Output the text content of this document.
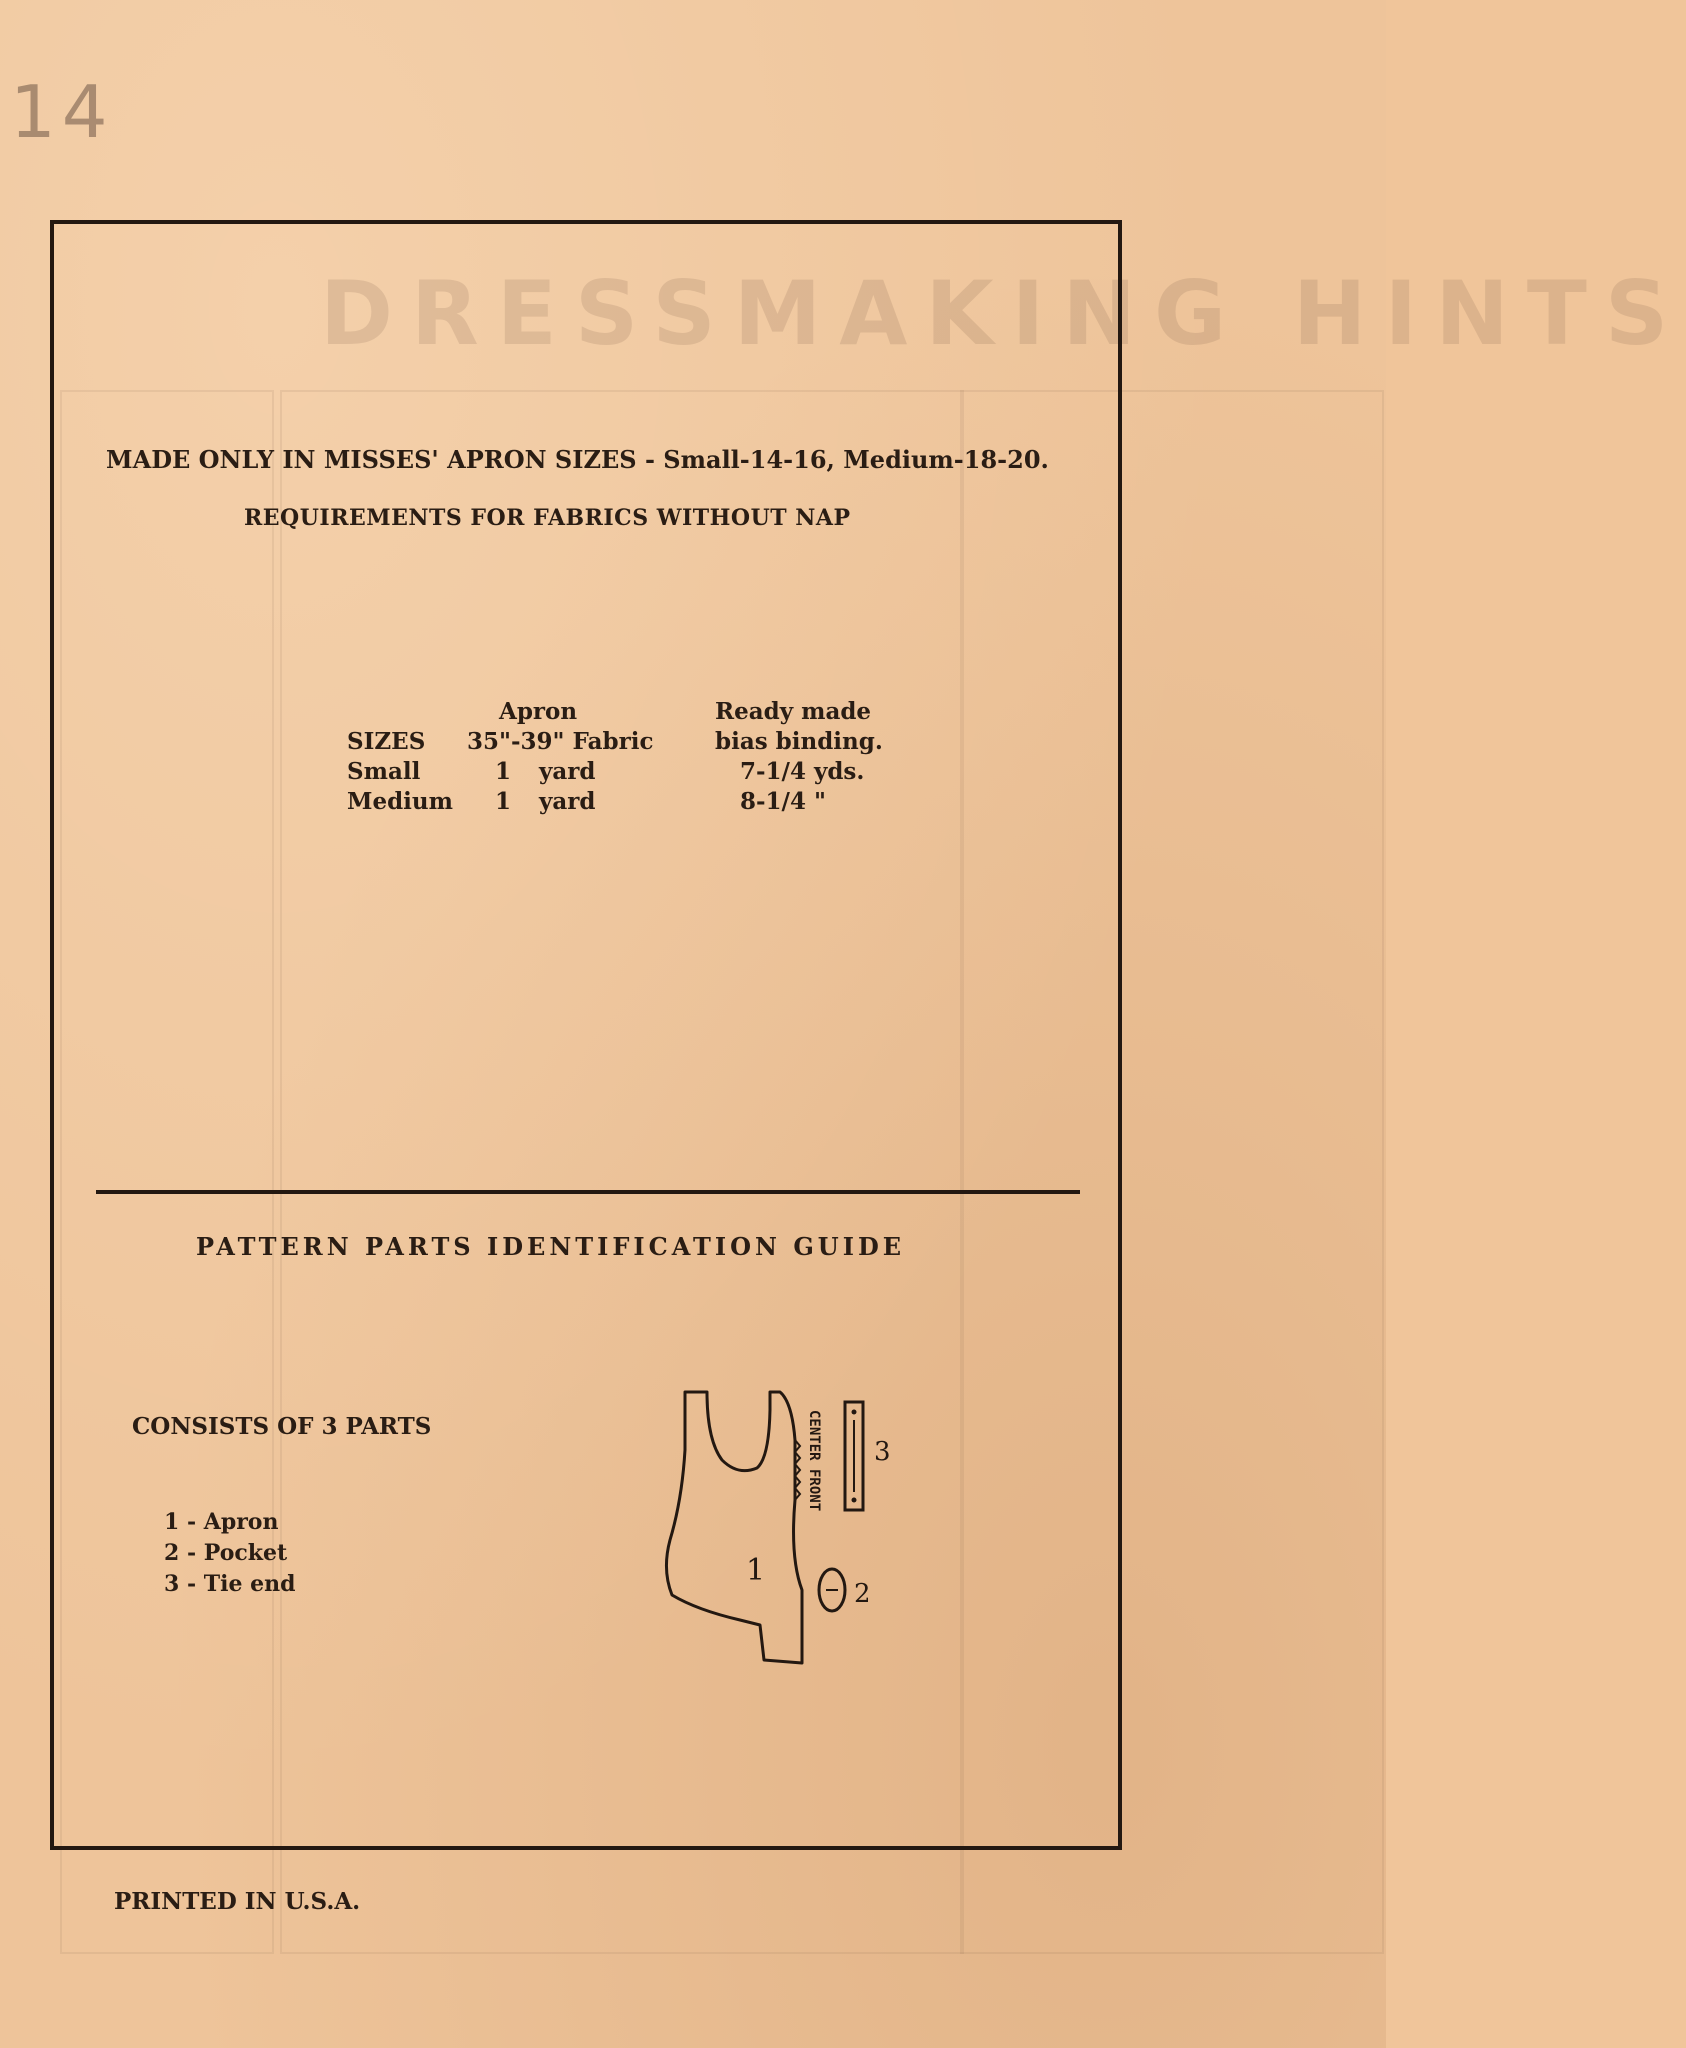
DRESSMAKING HINTS
14
MADE ONLY IN MISSES' APRON SIZES - Small-14-16, Medium-18-20.
REQUIREMENTS FOR FABRICS WITHOUT NAP
Apron	Ready made
SIZES 35"-39" Fabric	bias binding.
Small	1 yard	7-1/4 yds.
Medium 1 yard	8-1/4 "
PATTERN PARTS IDENTIFICATION GUIDE
CONSISTS OF 3 PARTS
1 - Apron
2 - Pocket
3 - Tie end	1
CENTER FRONT 3
2
PRINTED IN U.S.A.
